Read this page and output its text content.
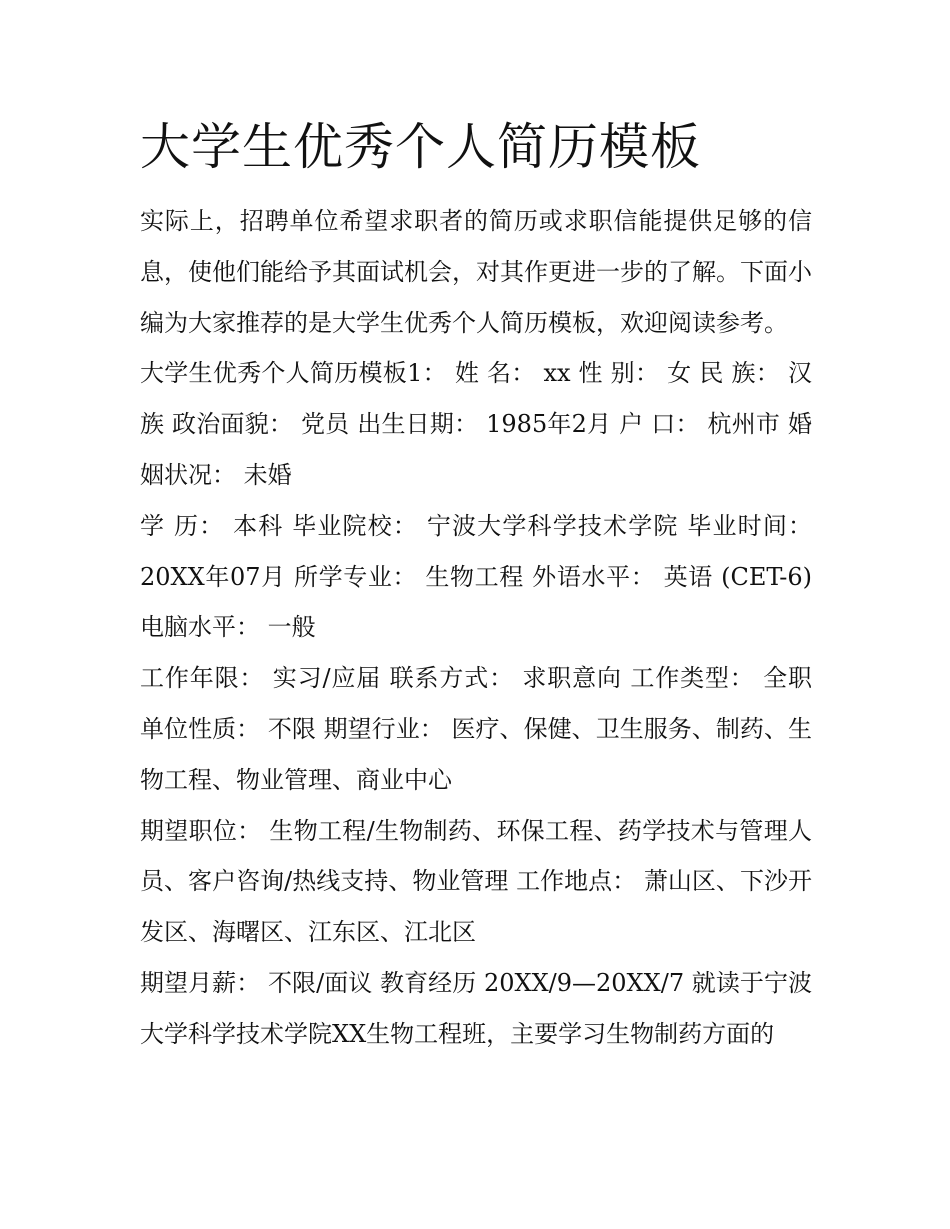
大学生优秀个人简历模板

实际上，招聘单位希望求职者的简历或求职信能提供足够的信息，使他们能给予其面试机会，对其作更进一步的了解。下面小编为大家推荐的是大学生优秀个人简历模板，欢迎阅读参考。

大学生优秀个人简历模板1： 姓 名： xx 性 别： 女 民 族： 汉族 政治面貌： 党员 出生日期： 1985年2月 户 口： 杭州市 婚姻状况： 未婚

学 历： 本科 毕业院校： 宁波大学科学技术学院 毕业时间： 20XX年07月 所学专业： 生物工程 外语水平： 英语 (CET-6) 电脑水平： 一般

工作年限： 实习/应届 联系方式： 求职意向 工作类型： 全职 单位性质： 不限 期望行业： 医疗、保健、卫生服务、制药、生物工程、物业管理、商业中心

期望职位： 生物工程/生物制药、环保工程、药学技术与管理人员、客户咨询/热线支持、物业管理 工作地点： 萧山区、下沙开发区、海曙区、江东区、江北区

期望月薪： 不限/面议 教育经历 20XX/9—20XX/7 就读于宁波大学科学技术学院XX生物工程班，主要学习生物制药方面的
